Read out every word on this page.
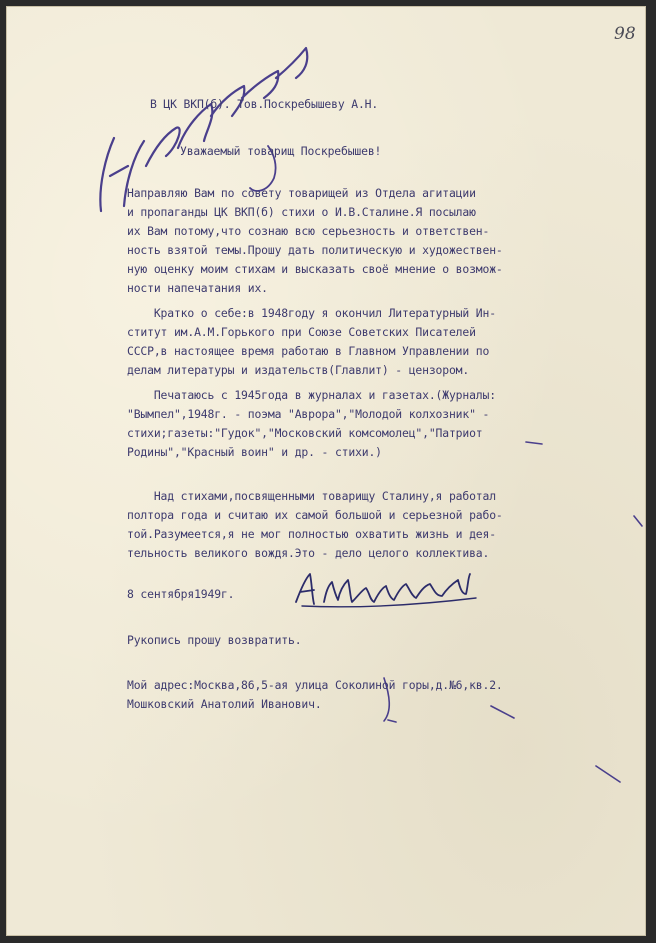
98
В ЦК ВКП(б). Тов.Поскребышеву А.Н.
Уважаемый товарищ Поскребышев!
Направляю Вам по совету товарищей из Отдела агитации
и пропаганды ЦК ВКП(б) стихи о И.В.Сталине.Я посылаю
их Вам потому,что сознаю всю серьезность и ответствен-
ность взятой темы.Прошу дать политическую и художествен-
ную оценку моим стихам и высказать своё мнение о возмож-
ности напечатания их.
Кратко о себе:в 1948году я окончил Литературный Ин-
ститут им.А.М.Горького при Союзе Советских Писателей
СССР,в настоящее время работаю в Главном Управлении по
делам литературы и издательств(Главлит) - цензором.
Печатаюсь с 1945года в журналах и газетах.(Журналы:
"Вымпел",1948г. - поэма "Аврора","Молодой колхозник" -
стихи;газеты:"Гудок","Московский комсомолец","Патриот
Родины","Красный воин" и др. - стихи.)
Над стихами,посвященными товарищу Сталину,я работал
полтора года и считаю их самой большой и серьезной рабо-
той.Разумеется,я не мог полностью охватить жизнь и дея-
тельность великого вождя.Это - дело целого коллектива.
8 сентября1949г.
Рукопись прошу возвратить.
Мой адрес:Москва,86,5-ая улица Соколиной горы,д.№6,кв.2.
Мошковский Анатолий Иванович.
